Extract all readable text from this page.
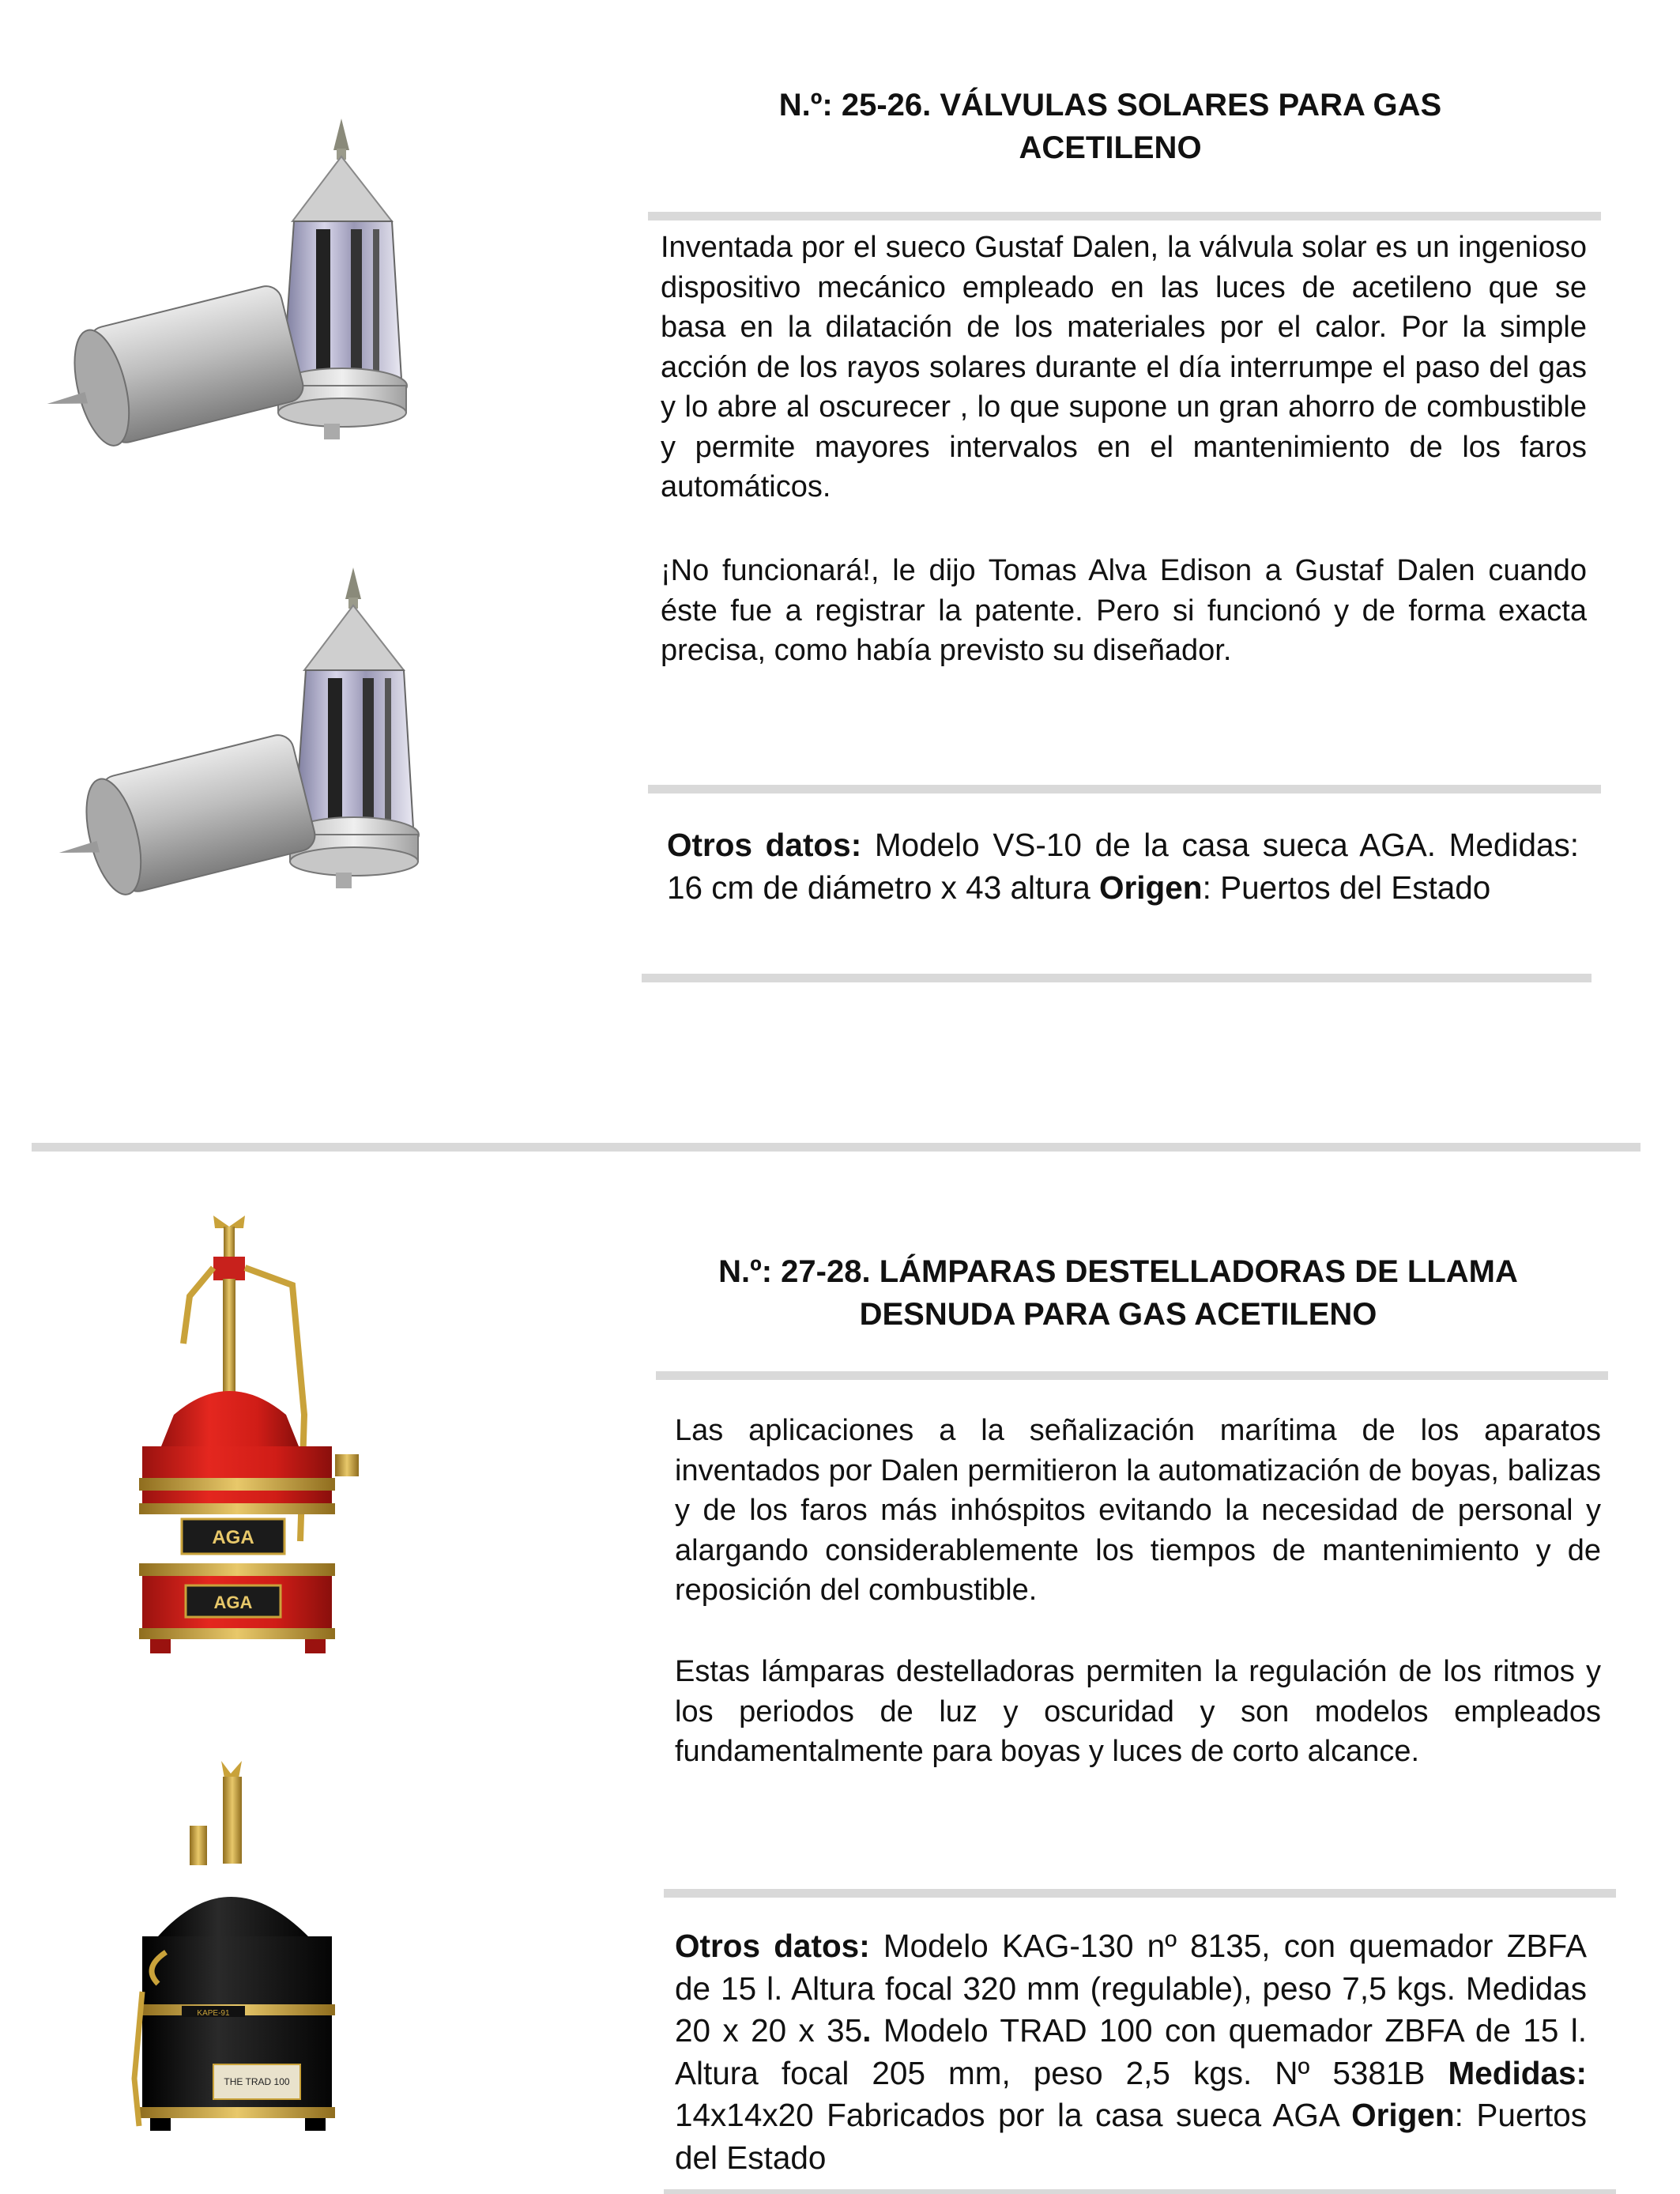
N.º: 25-26. VÁLVULAS SOLARES PARA GAS
ACETILENO
Inventada por el sueco Gustaf Dalen, la válvula solar es un ingenioso dispositivo mecánico empleado en las luces de acetileno que se basa en la dilatación de los materiales por el calor. Por la simple acción de los rayos solares durante el día interrumpe el paso del gas y lo abre al oscurecer , lo que supone un gran ahorro de combustible y permite mayores intervalos en el mantenimiento de los faros automáticos.
¡No funcionará!, le dijo Tomas Alva Edison a Gustaf Dalen cuando éste fue a registrar la patente. Pero si funcionó y de forma exacta precisa, como había previsto su diseñador.
Otros datos: Modelo VS-10 de la casa sueca AGA. Medidas: 16 cm de diámetro x 43 altura Origen: Puertos del Estado
N.º: 27-28. LÁMPARAS DESTELLADORAS DE LLAMA
DESNUDA PARA GAS ACETILENO
Las aplicaciones a la señalización marítima de los aparatos inventados por Dalen permitieron la automatización de boyas, balizas y de los faros más inhóspitos evitando la necesidad de personal y alargando considerablemente los tiempos de mantenimiento y de reposición del combustible.
Estas lámparas destelladoras permiten la regulación de los ritmos y los periodos de luz y oscuridad y son modelos empleados fundamentalmente para boyas y luces de corto alcance.
Otros datos: Modelo KAG-130 nº 8135, con quemador ZBFA de 15 l. Altura focal 320 mm (regulable), peso 7,5 kgs. Medidas 20 x 20 x 35. Modelo TRAD 100 con quemador ZBFA de 15 l. Altura focal 205 mm, peso 2,5 kgs. Nº 5381B Medidas: 14x14x20 Fabricados por la casa sueca AGA Origen: Puertos del Estado
AGA
AGA
KAPE-91
THE TRAD 100
